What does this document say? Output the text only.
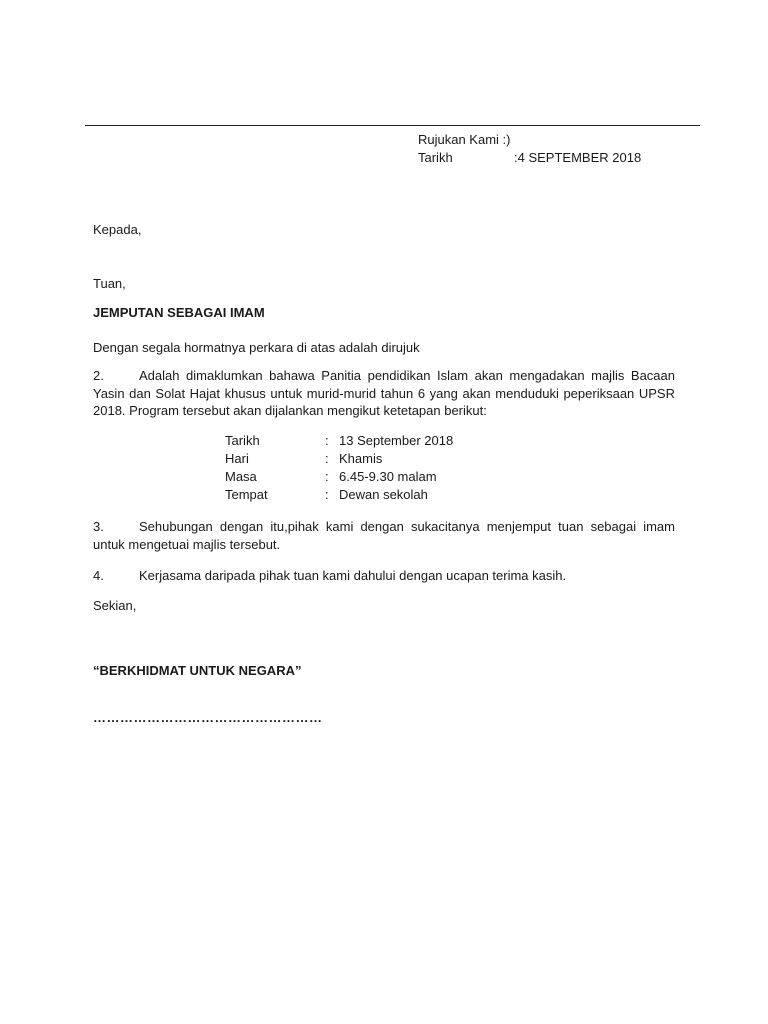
Rujukan Kami :)
Tarikh	:4 SEPTEMBER 2018
Kepada,
Tuan,
JEMPUTAN SEBAGAI IMAM
Dengan segala hormatnya perkara di atas adalah dirujuk
2.	Adalah dimaklumkan bahawa Panitia pendidikan Islam akan mengadakan majlis Bacaan Yasin dan Solat Hajat khusus untuk murid-murid tahun 6 yang akan menduduki peperiksaan UPSR 2018. Program tersebut akan dijalankan mengikut ketetapan berikut:
Tarikh	: 13 September 2018
Hari	: Khamis
Masa	: 6.45-9.30 malam
Tempat	: Dewan sekolah
3.	Sehubungan dengan itu,pihak kami dengan sukacitanya menjemput tuan sebagai imam untuk mengetuai majlis tersebut.
4.	Kerjasama daripada pihak tuan kami dahului dengan ucapan terima kasih.
Sekian,
“BERKHIDMAT UNTUK NEGARA”
……………………………………………
